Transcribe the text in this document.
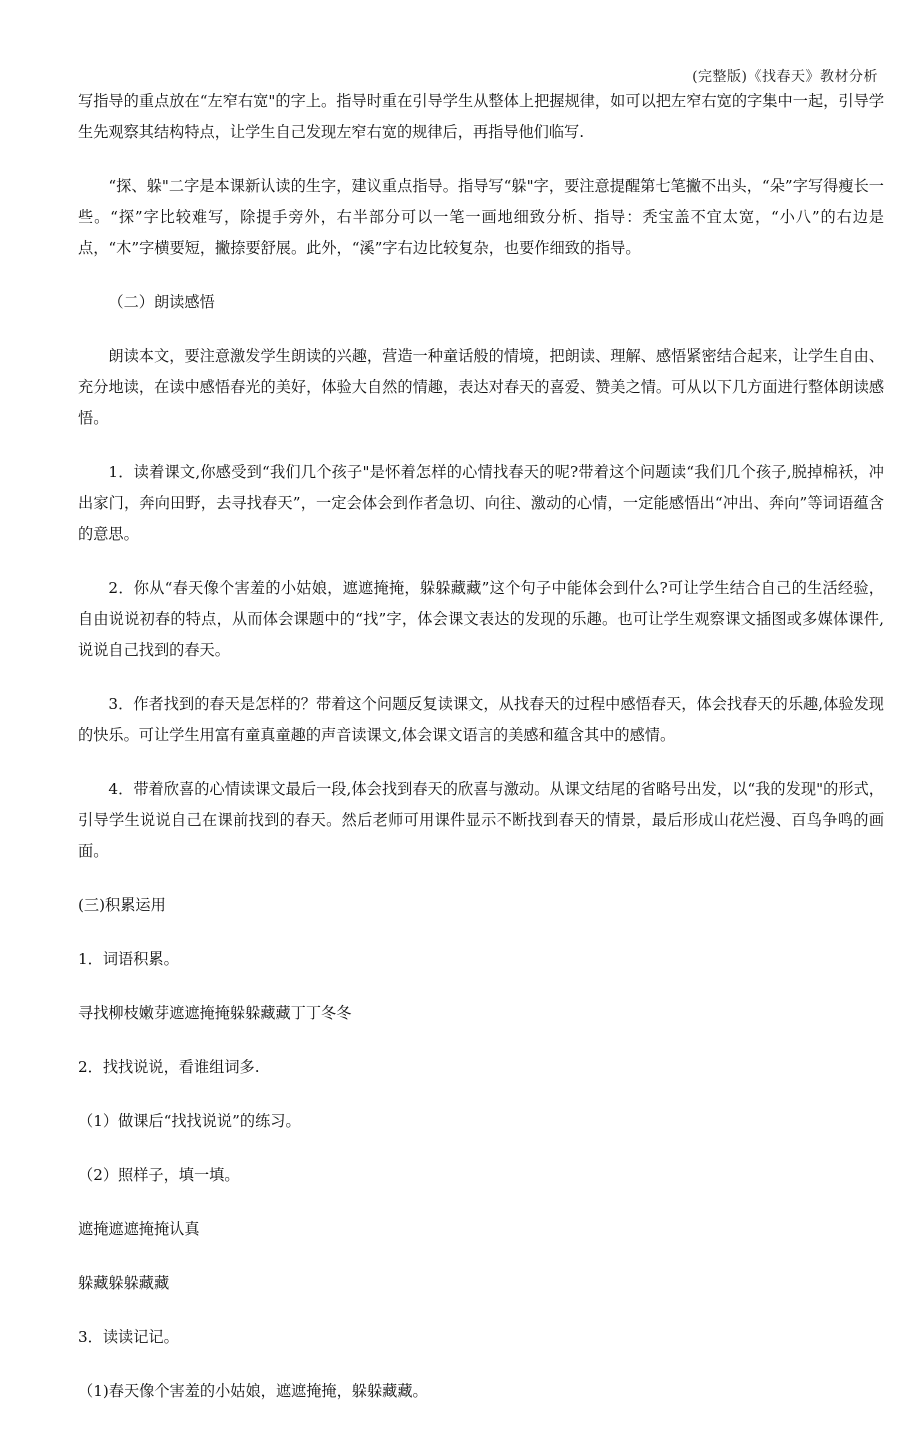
(完整版)《找春天》教材分析

写指导的重点放在“左窄右宽"的字上。指导时重在引导学生从整体上把握规律，如可以把左窄右宽的字集中一起，引导学生先观察其结构特点，让学生自己发现左窄右宽的规律后，再指导他们临写.

“探、躲"二字是本课新认读的生字，建议重点指导。指导写“躲"字，要注意提醒第七笔撇不出头，“朵”字写得瘦长一些。“探”字比较难写，除提手旁外，右半部分可以一笔一画地细致分析、指导：秃宝盖不宜太宽，“小八”的右边是点，“木”字横要短，撇捺要舒展。此外，“溪”字右边比较复杂，也要作细致的指导。

（二）朗读感悟

朗读本文，要注意激发学生朗读的兴趣，营造一种童话般的情境，把朗读、理解、感悟紧密结合起来，让学生自由、充分地读，在读中感悟春光的美好，体验大自然的情趣，表达对春天的喜爱、赞美之情。可从以下几方面进行整体朗读感悟。

1．读着课文,你感受到“我们几个孩子"是怀着怎样的心情找春天的呢?带着这个问题读“我们几个孩子,脱掉棉袄，冲出家门，奔向田野，去寻找春天”，一定会体会到作者急切、向往、激动的心情，一定能感悟出“冲出、奔向”等词语蕴含的意思。

2．你从“春天像个害羞的小姑娘，遮遮掩掩，躲躲藏藏”这个句子中能体会到什么?可让学生结合自己的生活经验，自由说说初春的特点，从而体会课题中的“找”字，体会课文表达的发现的乐趣。也可让学生观察课文插图或多媒体课件,说说自己找到的春天。

3．作者找到的春天是怎样的？带着这个问题反复读课文，从找春天的过程中感悟春天，体会找春天的乐趣,体验发现的快乐。可让学生用富有童真童趣的声音读课文,体会课文语言的美感和蕴含其中的感情。

4．带着欣喜的心情读课文最后一段,体会找到春天的欣喜与激动。从课文结尾的省略号出发，以“我的发现"的形式，引导学生说说自己在课前找到的春天。然后老师可用课件显示不断找到春天的情景，最后形成山花烂漫、百鸟争鸣的画面。

(三)积累运用

1．词语积累。

寻找柳枝嫩芽遮遮掩掩躲躲藏藏丁丁冬冬

2．找找说说，看谁组词多.

（1）做课后“找找说说”的练习。

（2）照样子，填一填。

遮掩遮遮掩掩认真

躲藏躲躲藏藏

3．读读记记。

（1)春天像个害羞的小姑娘，遮遮掩掩，躲躲藏藏。
